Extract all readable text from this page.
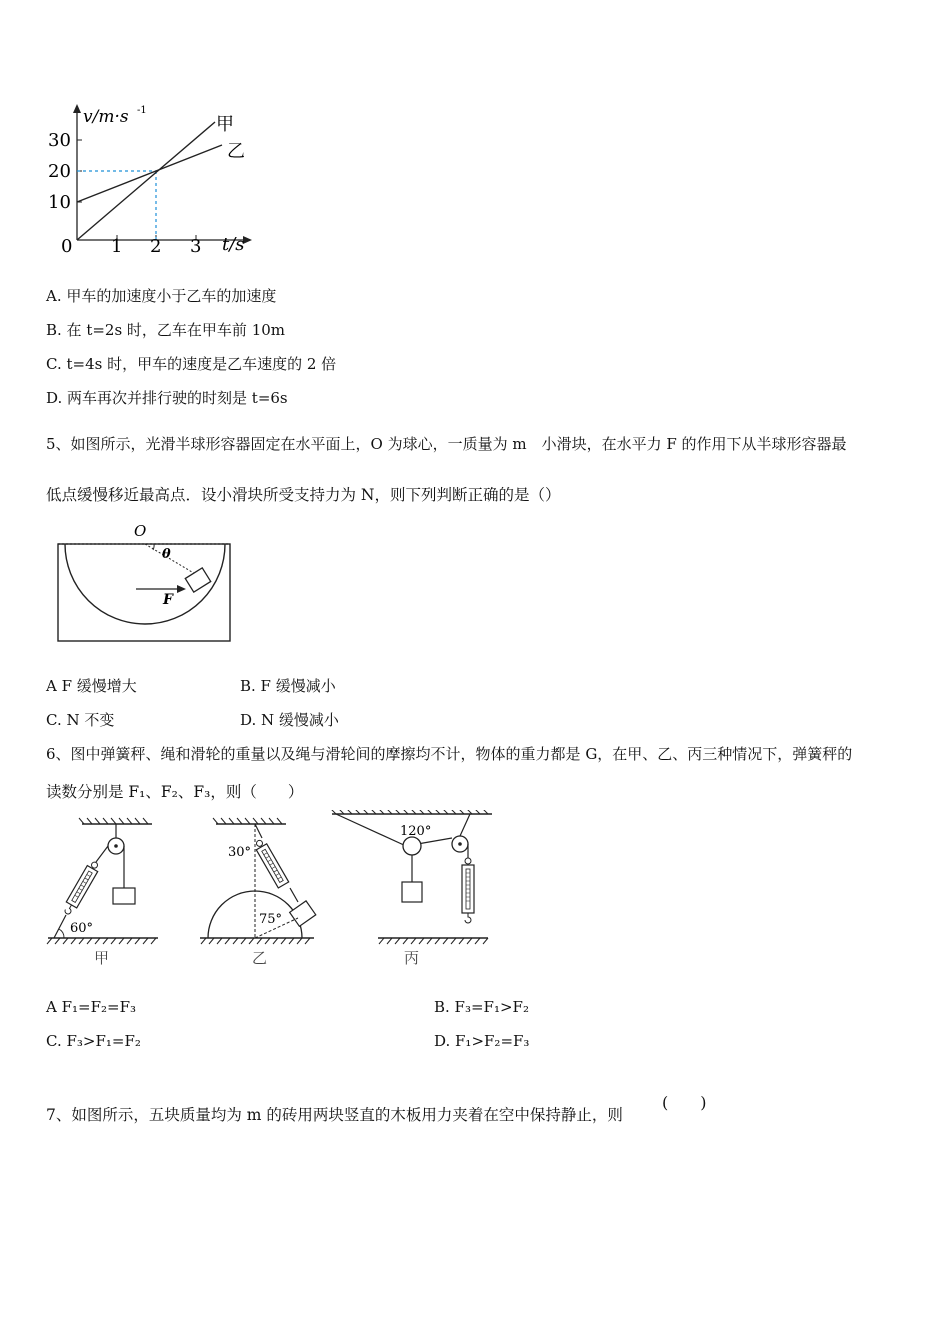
v/m·s -1
t/s
30
20
10
0 1 2 3
甲
乙
A. 甲车的加速度小于乙车的加速度
B. 在 t=2s 时，乙车在甲车前 10m
C. t=4s 时，甲车的速度是乙车速度的 2 倍
D. 两车再次并排行驶的时刻是 t=6s
5、如图所示，光滑半球形容器固定在水平面上，O 为球心，一质量为 m　小滑块，在水平力 F 的作用下从半球形容器最
低点缓慢移近最高点．设小滑块所受支持力为 N，则下列判断正确的是（）
O
θ
F
A F 缓慢增大	B. F 缓慢减小
C. N 不变	D. N 缓慢减小
6、图中弹簧秤、绳和滑轮的重量以及绳与滑轮间的摩擦均不计，物体的重力都是 G，在甲、乙、丙三种情况下，弹簧秤的
读数分别是 F₁、F₂、F₃，则（　　）
60°
甲
30°
75°
乙
120°
丙
A F₁=F₂=F₃	B. F₃=F₁>F₂
C. F₃>F₁=F₂	D. F₁>F₂=F₃
7、如图所示，五块质量均为 m 的砖用两块竖直的木板用力夹着在空中保持静止，则
(　　)
